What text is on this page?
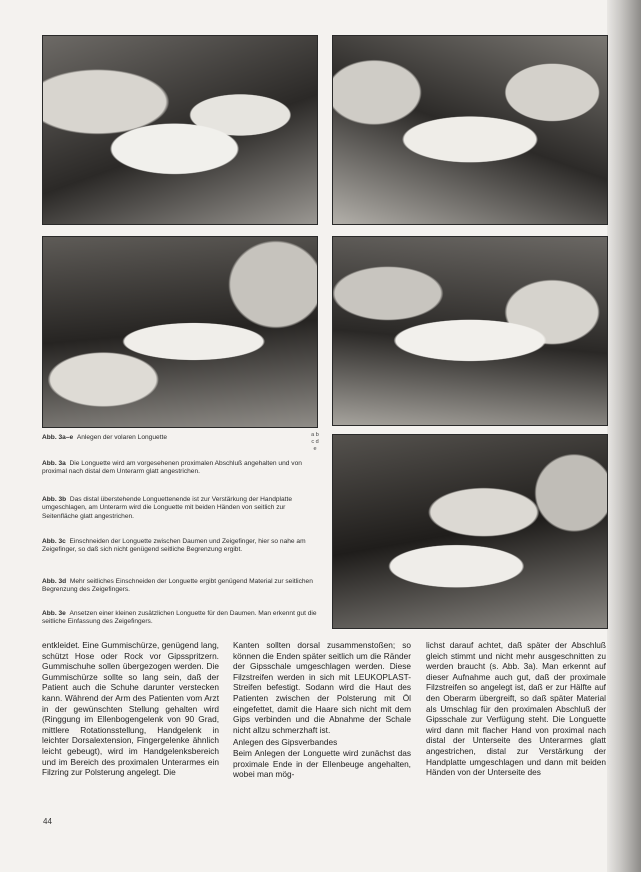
Abb. 3a–e Anlegen der volaren Longuette	a b
c d
e
Abb. 3a Die Longuette wird am vorgesehenen proximalen Abschluß angehalten und von proximal nach distal dem Unterarm glatt angestrichen.
Abb. 3b Das distal überstehende Longuettenende ist zur Verstärkung der Handplatte umgeschlagen, am Unterarm wird die Longuette mit beiden Händen von seitlich zur Seitenfläche glatt angestrichen.
Abb. 3c Einschneiden der Longuette zwischen Daumen und Zeigefinger, hier so nahe am Zeigefinger, so daß sich nicht genügend seitliche Begrenzung ergibt.
Abb. 3d Mehr seitliches Einschneiden der Longuette ergibt genügend Material zur seitlichen Begrenzung des Zeigefingers.
Abb. 3e Ansetzen einer kleinen zusätzlichen Longuette für den Daumen. Man erkennt gut die seitliche Einfassung des Zeigefingers.

entkleidet. Eine Gummischürze, genügend lang, schützt Hose oder Rock vor Gipsspritzern. Gummischuhe sollen übergezogen werden. Die Gummischürze sollte so lang sein, daß der Patient auch die Schuhe darunter verstecken kann. Während der Arm des Patienten vom Arzt in der gewünschten Stellung gehalten wird (Ringgung im Ellenbogengelenk von 90 Grad, mittlere Rotationsstellung, Handgelenk in leichter Dorsalextension, Fingergelenke ähnlich leicht gebeugt), wird im Handgelenksbereich und im Bereich des proximalen Unterarmes ein Filzring zur Polsterung angelegt. Die

Kanten sollten dorsal zusammenstoßen; so können die Enden später seitlich um die Ränder der Gipsschale umgeschlagen werden. Diese Filzstreifen werden in sich mit LEUKOPLAST-Streifen befestigt. Sodann wird die Haut des Patienten zwischen der Polsterung mit Öl eingefettet, damit die Haare sich nicht mit dem Gips verbinden und die Abnahme der Schale nicht allzu schmerzhaft ist.

Anlegen des Gipsverbandes

Beim Anlegen der Longuette wird zunächst das proximale Ende in der Ellenbeuge angehalten, wobei man mög-

lichst darauf achtet, daß später der Abschluß gleich stimmt und nicht mehr ausgeschnitten zu werden braucht (s. Abb. 3a). Man erkennt auf dieser Aufnahme auch gut, daß der proximale Filzstreifen so angelegt ist, daß er zur Hälfte auf den Oberarm übergreift, so daß später Material als Umschlag für den proximalen Abschluß der Gipsschale zur Verfügung steht. Die Longuette wird dann mit flacher Hand von proximal nach distal der Unterseite des Unterarmes glatt angestrichen, distal zur Verstärkung der Handplatte umgeschlagen und dann mit beiden Händen von der Unterseite des

44
